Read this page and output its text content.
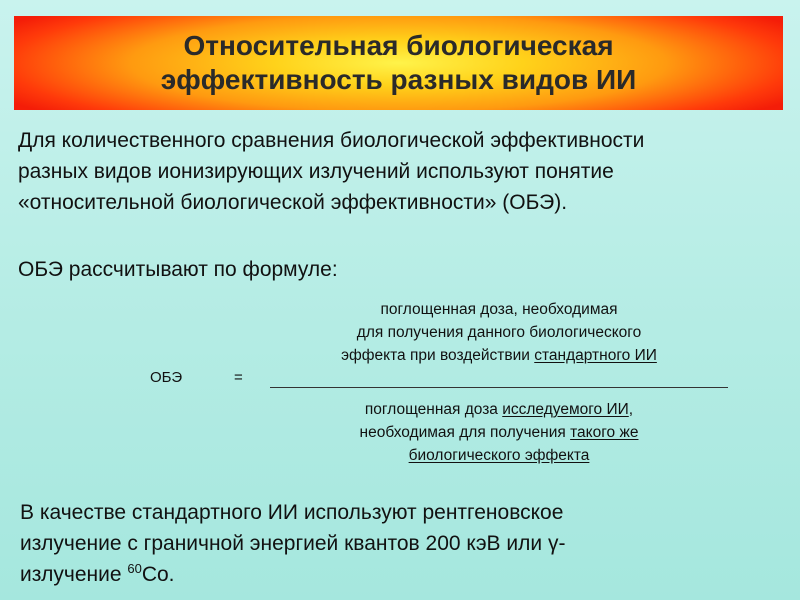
Относительная биологическая
эффективность разных видов ИИ
Для количественного сравнения биологической эффективности
разных видов ионизирующих излучений используют понятие
«относительной биологической эффективности» (ОБЭ).
ОБЭ рассчитывают по формуле:
ОБЭ	=
поглощенная доза, необходимая
для получения данного биологического
эффекта при воздействии стандартного ИИ
поглощенная доза исследуемого ИИ,
необходимая для получения такого же
биологического эффекта
В качестве стандартного ИИ используют рентгеновское
излучение с граничной энергией квантов 200 кэВ или γ-
излучение $^{60}$Co.
